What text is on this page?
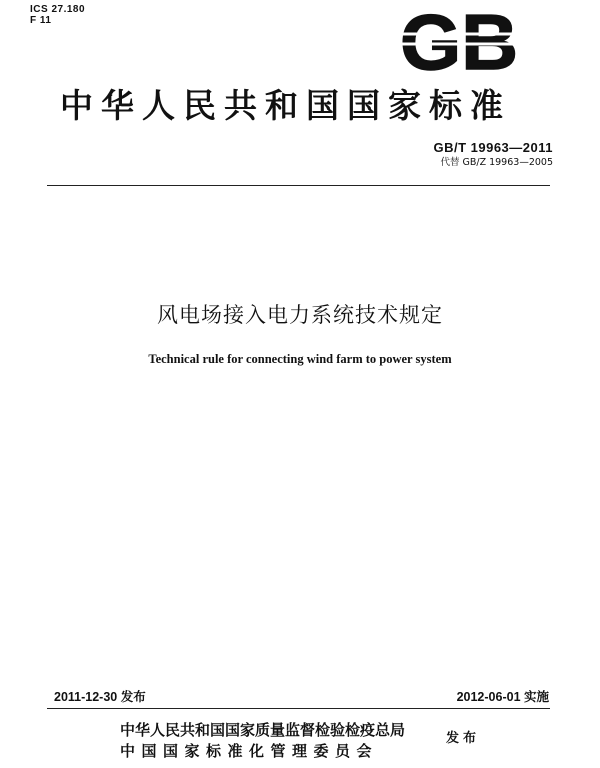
ICS 27.180
F 11	GB
中华人民共和国国家标准
GB/T 19963—2011
代替 GB/Z 19963—2005
风电场接入电力系统技术规定
Technical rule for connecting wind farm to power system
2011-12-30 发布	2012-06-01 实施
中华人民共和国国家质量监督检验检疫总局
中国国家标准化管理委员会
发布
